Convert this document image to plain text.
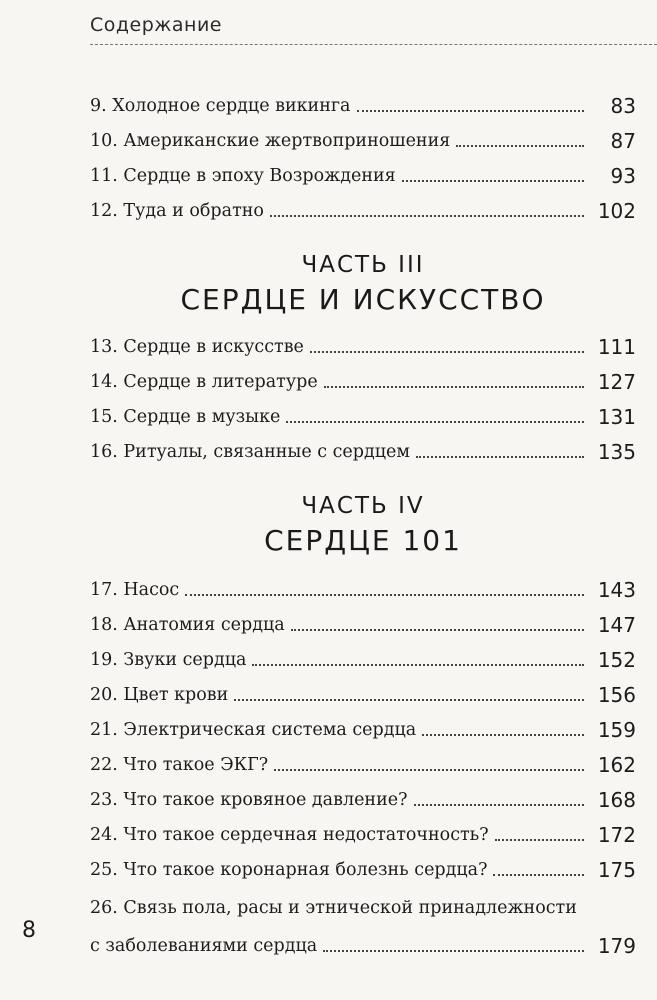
Содержание
9. Холодное сердце викинга	83
10. Американские жертвоприношения	87
11. Сердце в эпоху Возрождения	93
12. Туда и обратно	102
ЧАСТЬ III
СЕРДЦЕ И ИСКУССТВО
13. Сердце в искусстве	111
14. Сердце в литературе	127
15. Сердце в музыке	131
16. Ритуалы, связанные с сердцем	135
ЧАСТЬ IV
СЕРДЦЕ 101
17. Насос	143
18. Анатомия сердца	147
19. Звуки сердца	152
20. Цвет крови	156
21. Электрическая система сердца	159
22. Что такое ЭКГ?	162
23. Что такое кровяное давление?	168
24. Что такое сердечная недостаточность?	172
25. Что такое коронарная болезнь сердца?	175
26. Связь пола, расы и этнической принадлежности
с заболеваниями сердца	179
8
